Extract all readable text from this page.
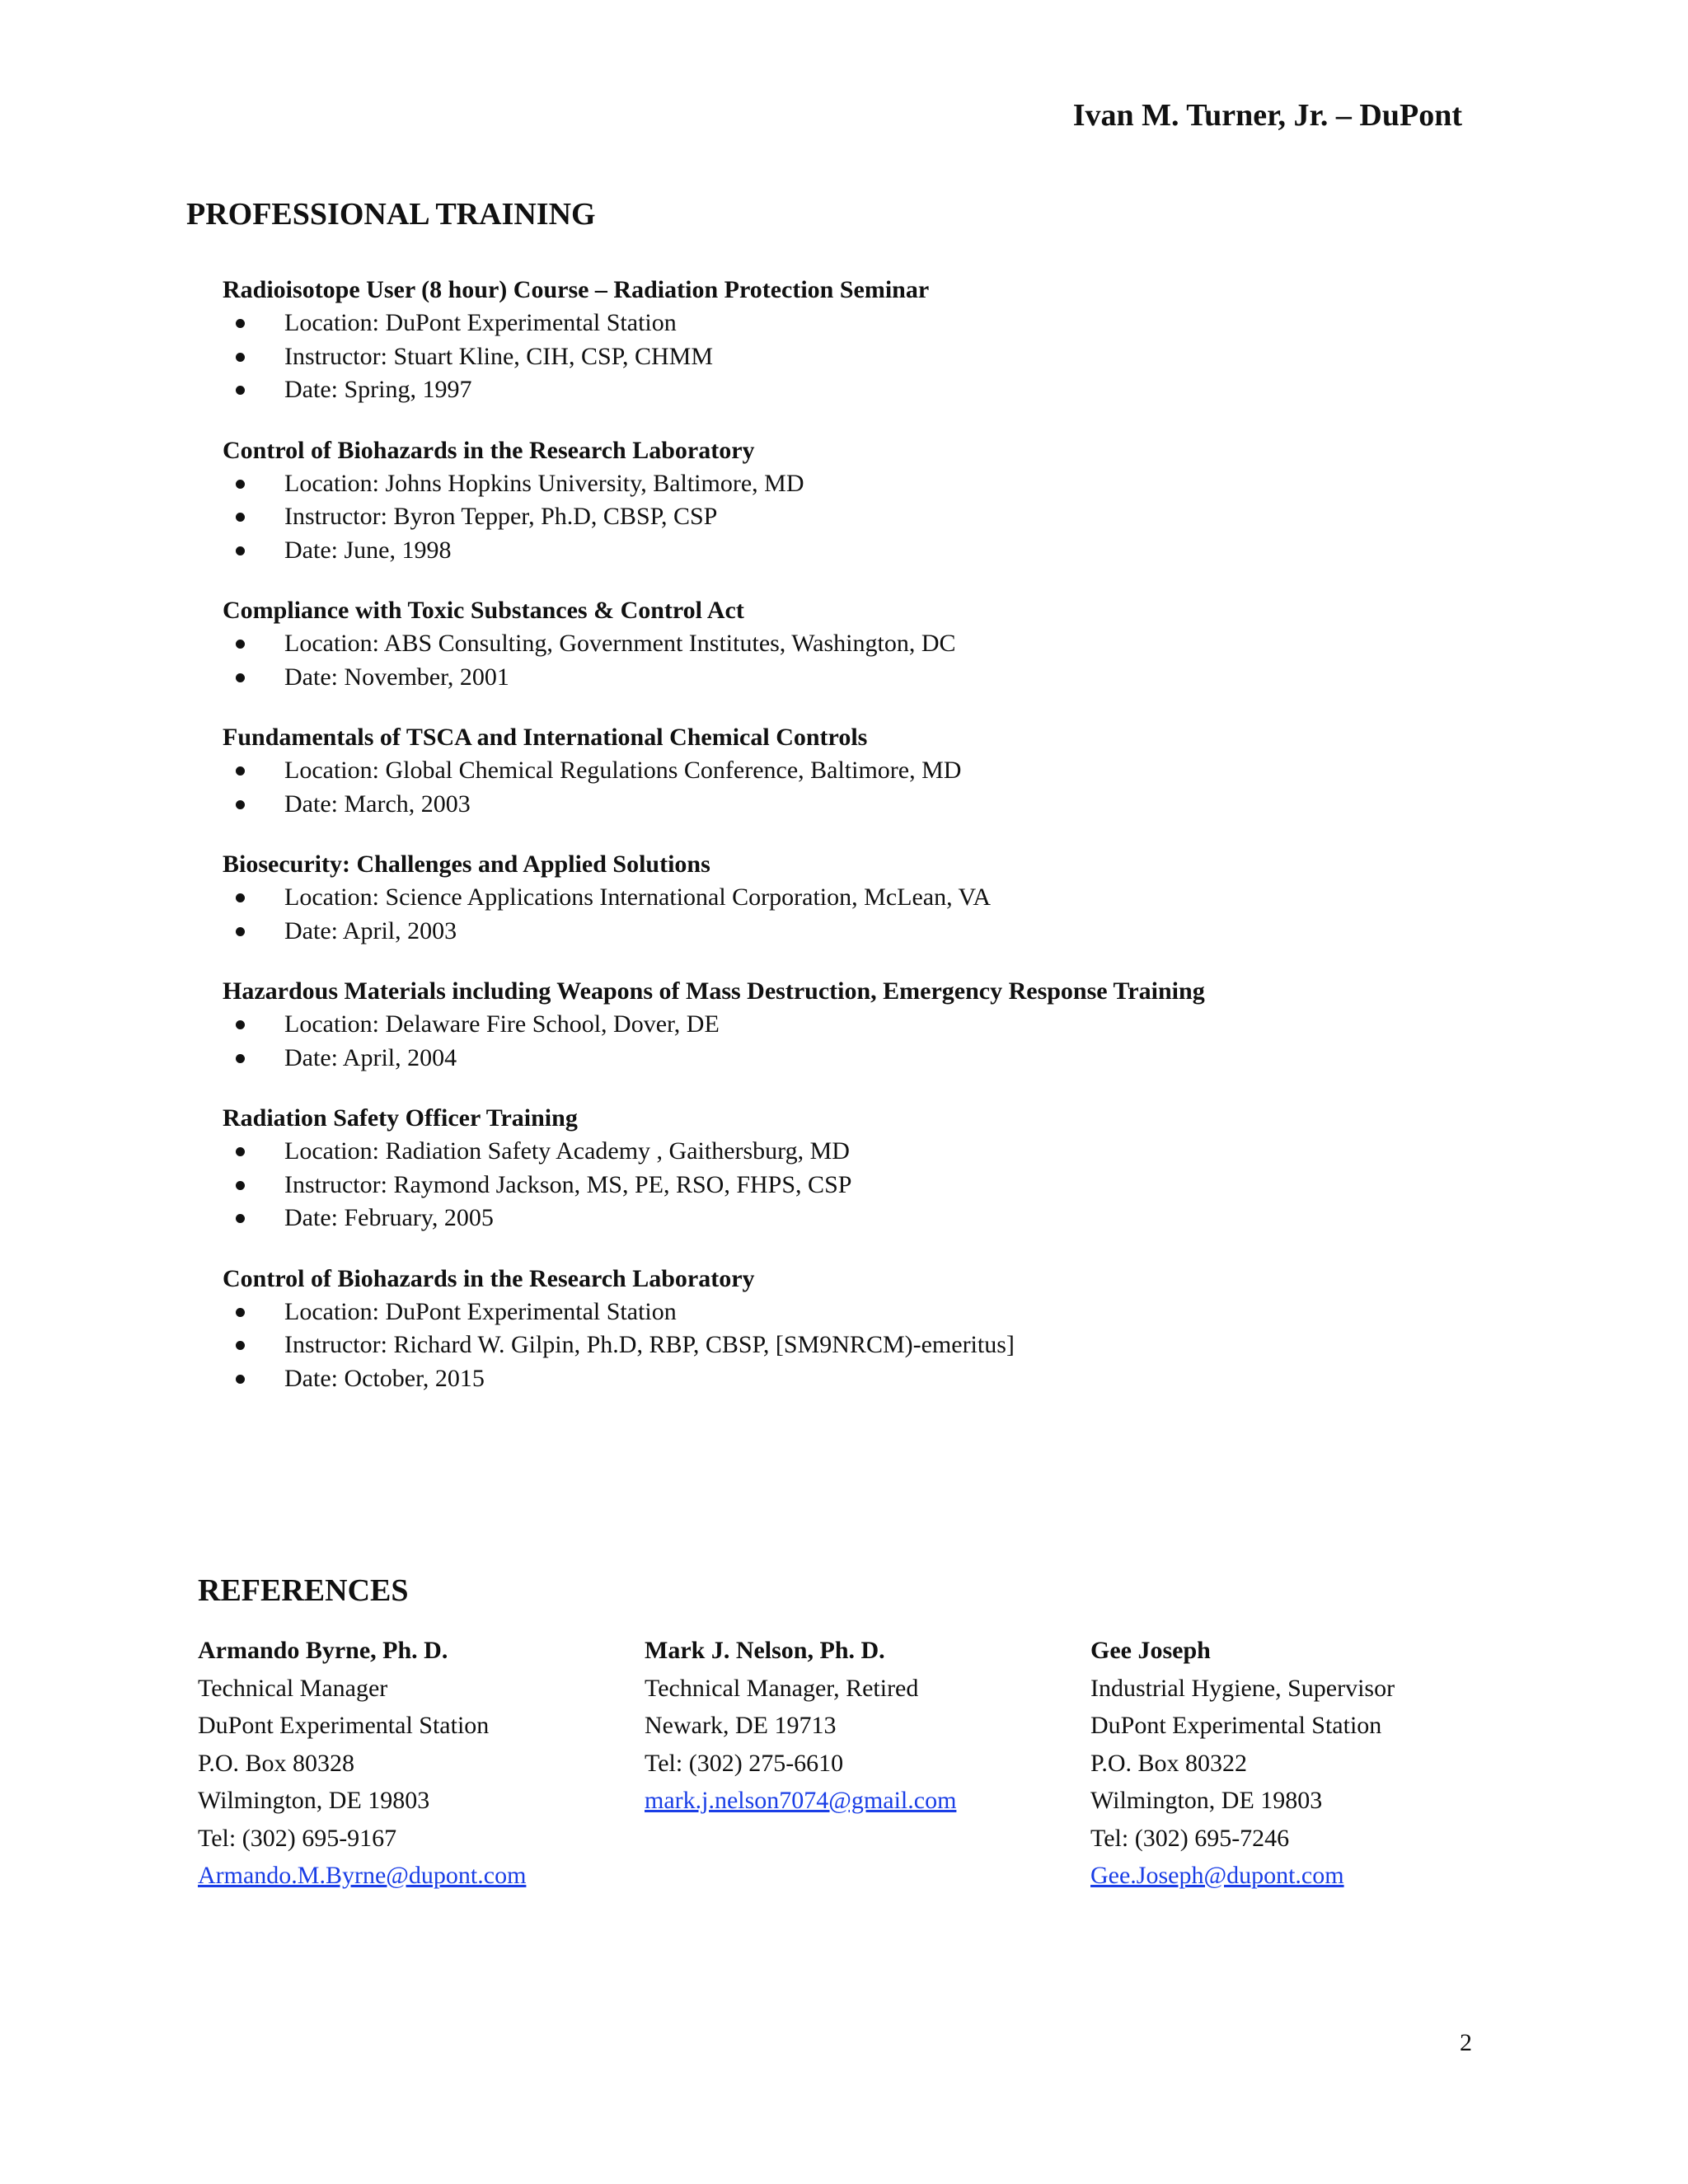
Ivan M. Turner, Jr. – DuPont
PROFESSIONAL TRAINING
Radioisotope User (8 hour) Course – Radiation Protection Seminar
Location: DuPont Experimental Station
Instructor: Stuart Kline, CIH, CSP, CHMM
Date: Spring, 1997
Control of Biohazards in the Research Laboratory
Location: Johns Hopkins University, Baltimore, MD
Instructor: Byron Tepper, Ph.D, CBSP, CSP
Date: June, 1998
Compliance with Toxic Substances & Control Act
Location: ABS Consulting, Government Institutes, Washington, DC
Date: November, 2001
Fundamentals of TSCA and International Chemical Controls
Location: Global Chemical Regulations Conference, Baltimore, MD
Date: March, 2003
Biosecurity: Challenges and Applied Solutions
Location: Science Applications International Corporation, McLean, VA
Date: April, 2003
Hazardous Materials including Weapons of Mass Destruction, Emergency Response Training
Location: Delaware Fire School, Dover, DE
Date: April, 2004
Radiation Safety Officer Training
Location: Radiation Safety Academy , Gaithersburg, MD
Instructor: Raymond Jackson, MS, PE, RSO, FHPS, CSP
Date: February, 2005
Control of Biohazards in the Research Laboratory
Location: DuPont Experimental Station
Instructor: Richard W. Gilpin, Ph.D, RBP, CBSP, [SM9NRCM)-emeritus]
Date: October, 2015
REFERENCES
Armando Byrne, Ph. D.
Technical Manager
DuPont Experimental Station
P.O. Box 80328
Wilmington, DE 19803
Tel: (302) 695-9167
Armando.M.Byrne@dupont.com
Mark J. Nelson, Ph. D.
Technical Manager, Retired
Newark, DE 19713
Tel: (302) 275-6610
mark.j.nelson7074@gmail.com
Gee Joseph
Industrial Hygiene, Supervisor
DuPont Experimental Station
P.O. Box 80322
Wilmington, DE 19803
Tel: (302) 695-7246
Gee.Joseph@dupont.com
2
